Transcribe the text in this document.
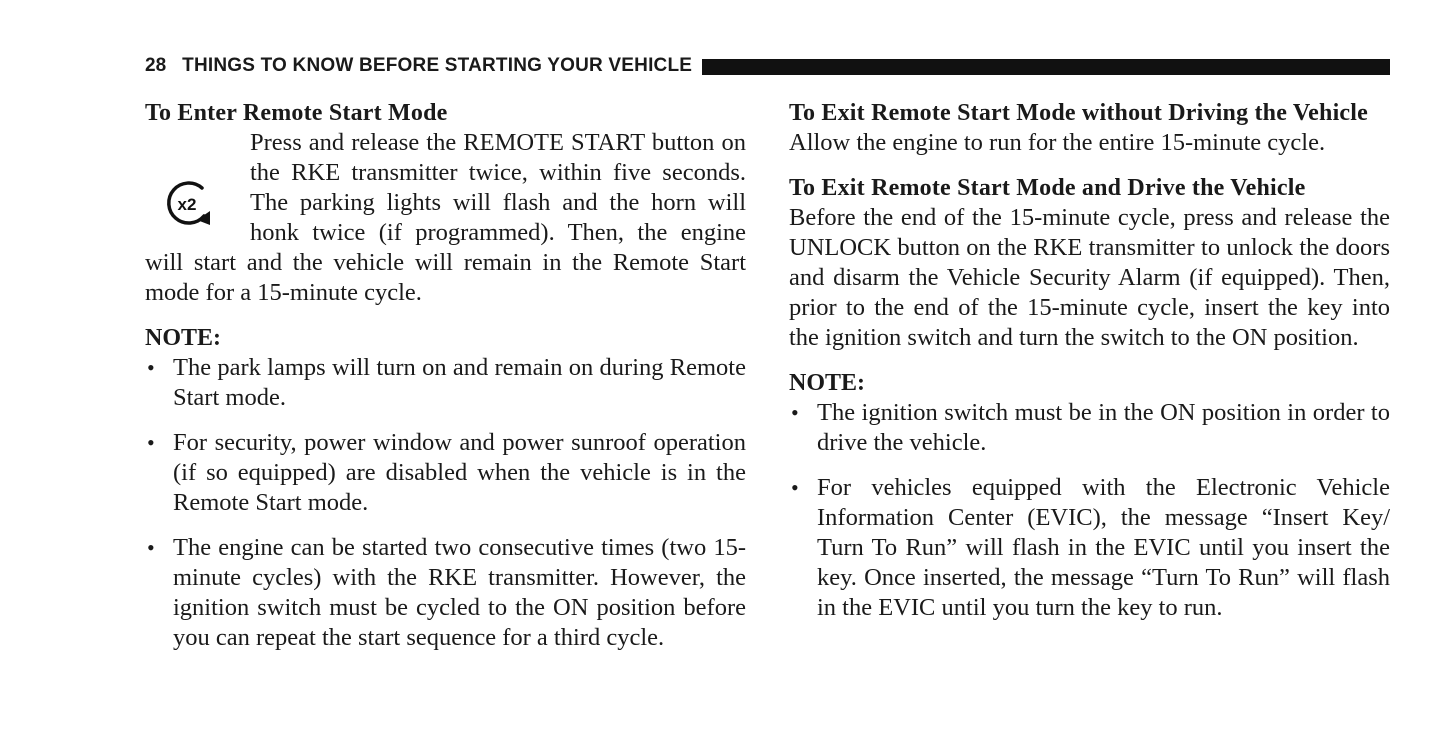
28 THINGS TO KNOW BEFORE STARTING YOUR VEHICLE
To Enter Remote Start Mode
x2

Press and release the REMOTE START button on the RKE transmitter twice, within five seconds. The parking lights will flash and the horn will honk twice (if programmed). Then, the engine will start and the vehicle will remain in the Remote Start mode for a 15-minute cycle.

NOTE:
• The park lamps will turn on and remain on during Remote Start mode.
• For security, power window and power sunroof operation (if so equipped) are disabled when the vehicle is in the Remote Start mode.
• The engine can be started two consecutive times (two 15-minute cycles) with the RKE transmitter. However, the ignition switch must be cycled to the ON position before you can repeat the start sequence for a third cycle.
To Exit Remote Start Mode without Driving the Vehicle

Allow the engine to run for the entire 15-minute cycle.

To Exit Remote Start Mode and Drive the Vehicle

Before the end of the 15-minute cycle, press and release the UNLOCK button on the RKE transmitter to unlock the doors and disarm the Vehicle Security Alarm (if equipped). Then, prior to the end of the 15-minute cycle, insert the key into the ignition switch and turn the switch to the ON position.

NOTE:
• The ignition switch must be in the ON position in order to drive the vehicle.
• For vehicles equipped with the Electronic Vehicle Information Center (EVIC), the message “Insert Key/ Turn To Run” will flash in the EVIC until you insert the key. Once inserted, the message “Turn To Run” will flash in the EVIC until you turn the key to run.
